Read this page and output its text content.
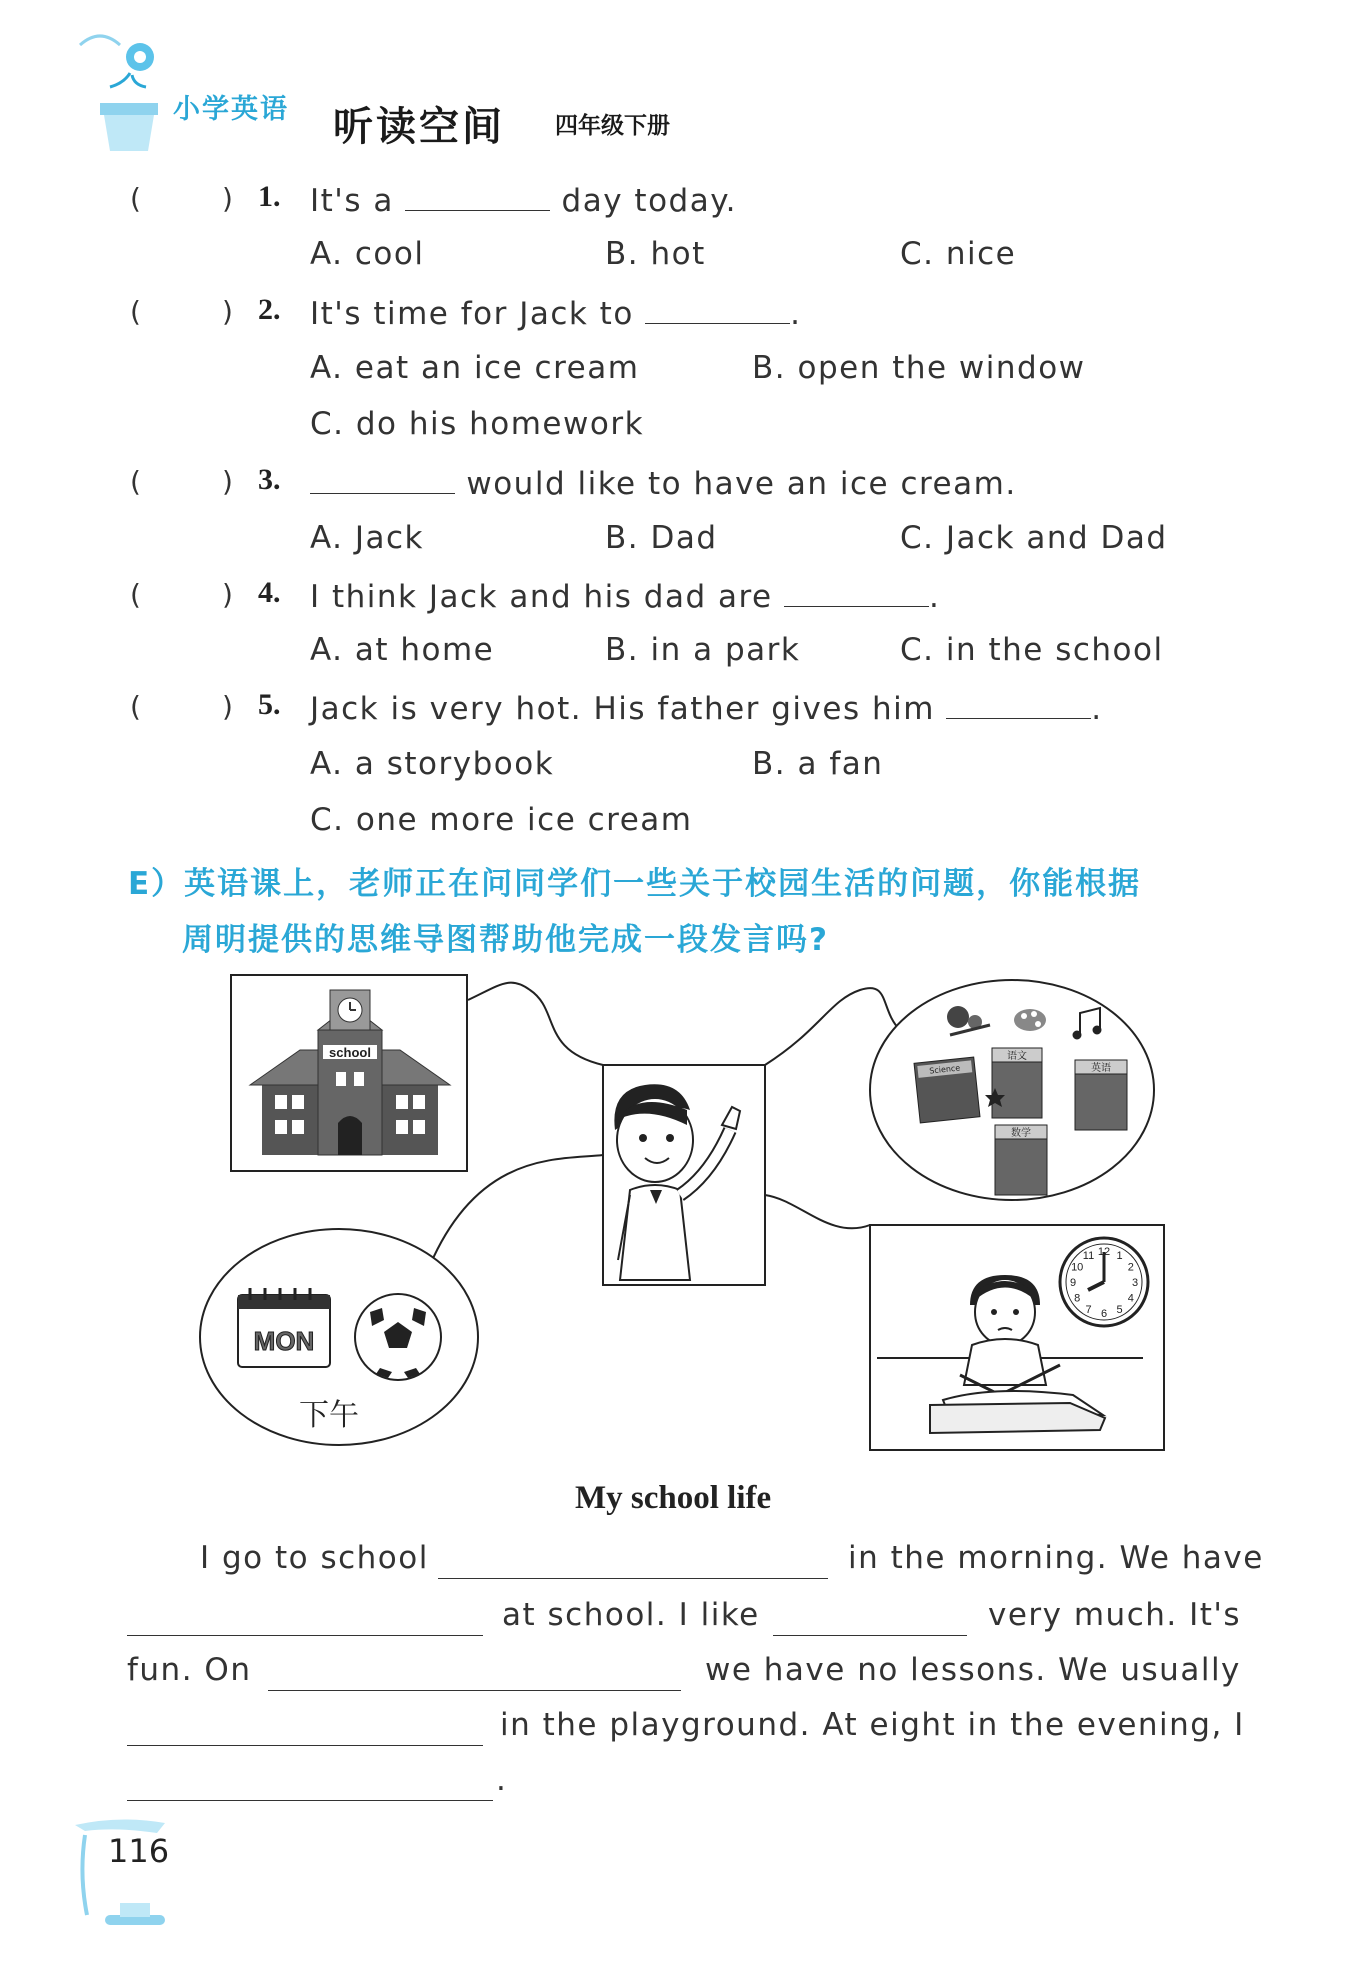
Hi!
小学英语 听读空间 四年级下册
(	) 1. It's a	day today.
A. cool	B. hot	C. nice
(	) 2. It's time for Jack to	.
A. eat an ice cream	B. open the window
C. do his homework
(	) 3.	would like to have an ice cream.
A. Jack	B. Dad	C. Jack and Dad
(	) 4. I think Jack and his dad are	.
A. at home	B. in a park	C. in the school
(	) 5. Jack is very hot. His father gives him	.
A. a storybook	B. a fan
C. one more ice cream
E）英语课上，老师正在问同学们一些关于校园生活的问题，你能根据
周明提供的思维导图帮助他完成一段发言吗?
school	语文
英语
数学
Science
MON
下午
12 1
2
3
4
5
6
7
8
9
10
11
My school life
I go to school	in the morning. We have
at school. I like	very much. It's
fun. On	we have no lessons. We usually
in the playground. At eight in the evening, I
.
116
